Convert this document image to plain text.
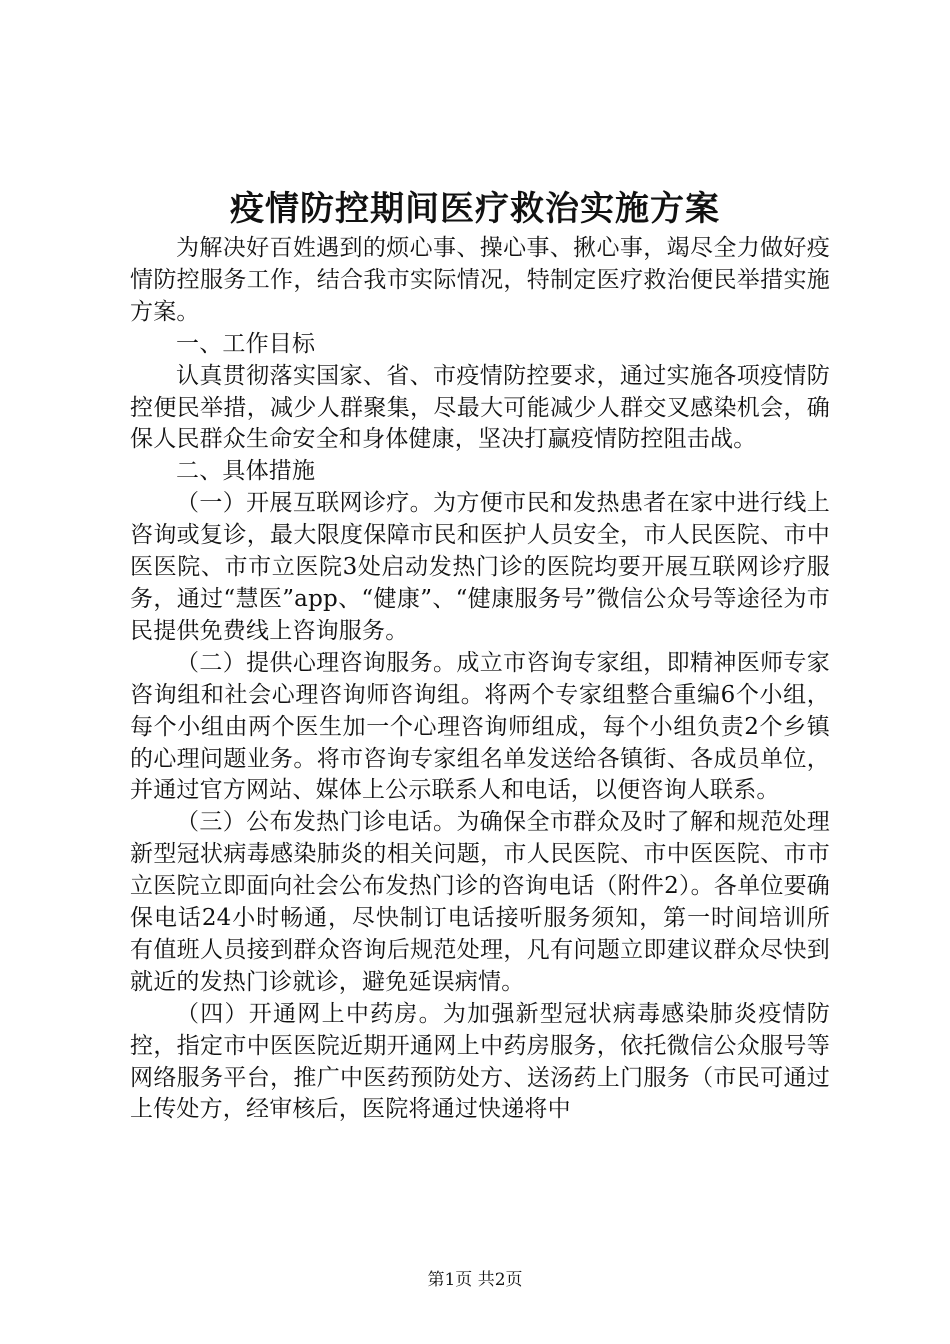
疫情防控期间医疗救治实施方案

为解决好百姓遇到的烦心事、操心事、揪心事，竭尽全力做好疫情防控服务工作，结合我市实际情况，特制定医疗救治便民举措实施方案。

一、工作目标

认真贯彻落实国家、省、市疫情防控要求，通过实施各项疫情防控便民举措，减少人群聚集，尽最大可能减少人群交叉感染机会，确保人民群众生命安全和身体健康，坚决打赢疫情防控阻击战。

二、具体措施

（一）开展互联网诊疗。为方便市民和发热患者在家中进行线上咨询或复诊，最大限度保障市民和医护人员安全，市人民医院、市中医医院、市市立医院3处启动发热门诊的医院均要开展互联网诊疗服务，通过“慧医”app、“健康”、“健康服务号”微信公众号等途径为市民提供免费线上咨询服务。

（二）提供心理咨询服务。成立市咨询专家组，即精神医师专家咨询组和社会心理咨询师咨询组。将两个专家组整合重编6个小组，每个小组由两个医生加一个心理咨询师组成，每个小组负责2个乡镇的心理问题业务。将市咨询专家组名单发送给各镇街、各成员单位，并通过官方网站、媒体上公示联系人和电话，以便咨询人联系。

（三）公布发热门诊电话。为确保全市群众及时了解和规范处理新型冠状病毒感染肺炎的相关问题，市人民医院、市中医医院、市市立医院立即面向社会公布发热门诊的咨询电话（附件2）。各单位要确保电话24小时畅通，尽快制订电话接听服务须知，第一时间培训所有值班人员接到群众咨询后规范处理，凡有问题立即建议群众尽快到就近的发热门诊就诊，避免延误病情。

（四）开通网上中药房。为加强新型冠状病毒感染肺炎疫情防控，指定市中医医院近期开通网上中药房服务，依托微信公众服号等网络服务平台，推广中医药预防处方、送汤药上门服务（市民可通过上传处方，经审核后，医院将通过快递将中

第1页 共2页
